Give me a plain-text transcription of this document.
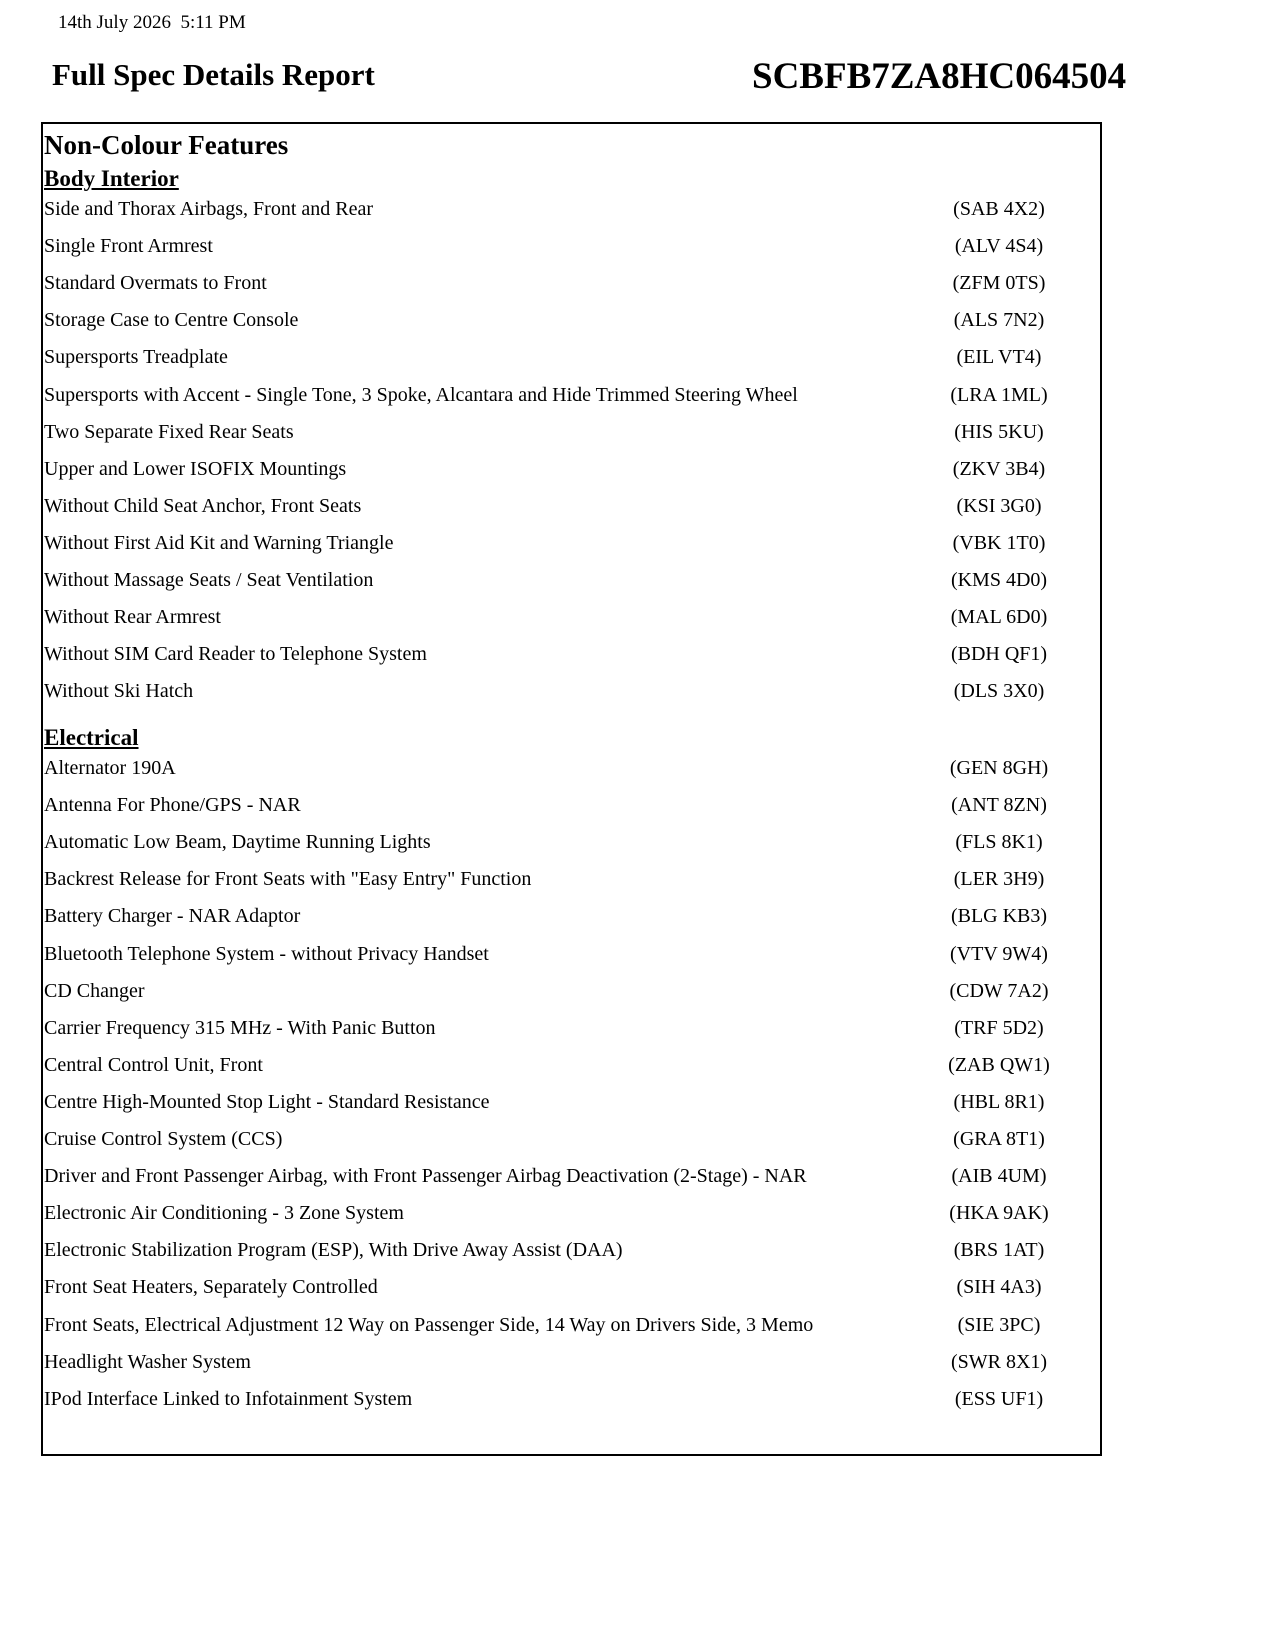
14th July 2026  5:11 PM
Full Spec Details Report	SCBFB7ZA8HC064504
Non-Colour Features
Body Interior
Side and Thorax Airbags, Front and Rear	(SAB 4X2)
Single Front Armrest	(ALV 4S4)
Standard Overmats to Front	(ZFM 0TS)
Storage Case to Centre Console	(ALS 7N2)
Supersports Treadplate	(EIL VT4)
Supersports with Accent - Single Tone, 3 Spoke, Alcantara and Hide Trimmed Steering Wheel	(LRA 1ML)
Two Separate Fixed Rear Seats	(HIS 5KU)
Upper and Lower ISOFIX Mountings	(ZKV 3B4)
Without Child Seat Anchor, Front Seats	(KSI 3G0)
Without First Aid Kit and Warning Triangle	(VBK 1T0)
Without Massage Seats / Seat Ventilation	(KMS 4D0)
Without Rear Armrest	(MAL 6D0)
Without SIM Card Reader to Telephone System	(BDH QF1)
Without Ski Hatch	(DLS 3X0)
Electrical
Alternator 190A	(GEN 8GH)
Antenna For Phone/GPS - NAR	(ANT 8ZN)
Automatic Low Beam, Daytime Running Lights	(FLS 8K1)
Backrest Release for Front Seats with "Easy Entry" Function	(LER 3H9)
Battery Charger - NAR Adaptor	(BLG KB3)
Bluetooth Telephone System - without Privacy Handset	(VTV 9W4)
CD Changer	(CDW 7A2)
Carrier Frequency 315 MHz - With Panic Button	(TRF 5D2)
Central Control Unit, Front	(ZAB QW1)
Centre High-Mounted Stop Light - Standard Resistance	(HBL 8R1)
Cruise Control System (CCS)	(GRA 8T1)
Driver and Front Passenger Airbag, with Front Passenger Airbag Deactivation (2-Stage) - NAR	(AIB 4UM)
Electronic Air Conditioning - 3 Zone System	(HKA 9AK)
Electronic Stabilization Program (ESP), With Drive Away Assist (DAA)	(BRS 1AT)
Front Seat Heaters, Separately Controlled	(SIH 4A3)
Front Seats, Electrical Adjustment 12 Way on Passenger Side, 14 Way on Drivers Side, 3 Memo	(SIE 3PC)
Headlight Washer System	(SWR 8X1)
IPod Interface Linked to Infotainment System	(ESS UF1)
